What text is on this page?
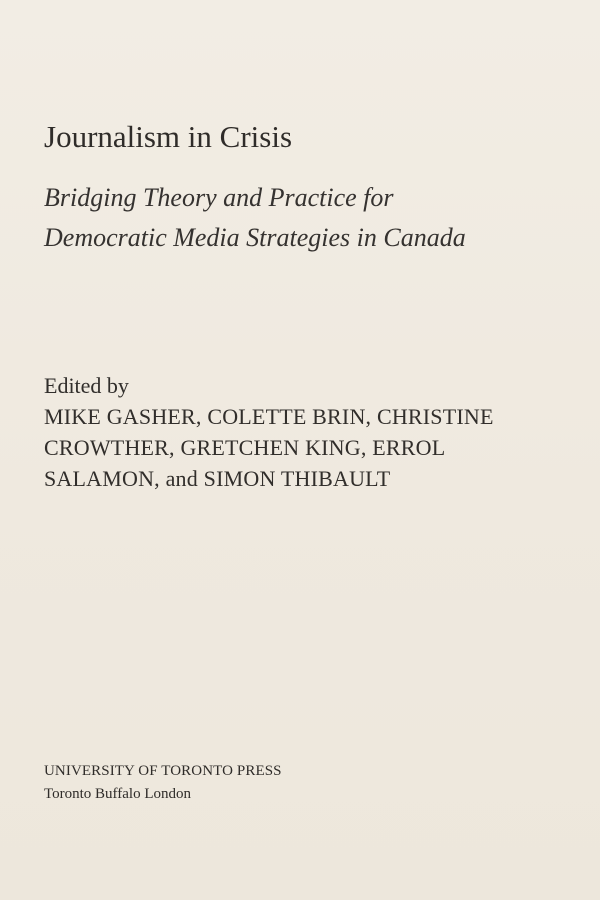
Journalism in Crisis
Bridging Theory and Practice for
Democratic Media Strategies in Canada
Edited by
MIKE GASHER, COLETTE BRIN, CHRISTINE
CROWTHER, GRETCHEN KING, ERROL
SALAMON, and SIMON THIBAULT
UNIVERSITY OF TORONTO PRESS
Toronto Buffalo London
